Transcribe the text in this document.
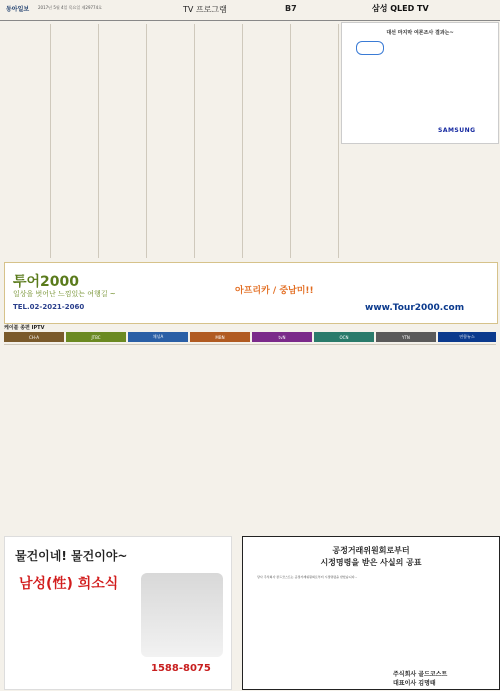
동아일보 2017년 5월 4일 목요일 제29774호	TV 프로그램	B7	삼성 QLED TV
대선 마지막 여론조사 결과는~
SAMSUNG
투어2000
일상을 벗어난 느낌있는 여행길 ~	아프리카 / 중남미!!
TEL.02-2021-2060	www.Tour2000.com
케이블 종편 IPTV
CH-A	JTBC	채널A	MBN	tvN	OCN	YTN	연합뉴스
물건이네! 물건이야~
남성(性) 희소식
1588-8075
공정거래위원회로부터
시정명령을 받은 사실의 공표
당사 주식회사 골드코스트는 공정거래위원회로부터 시정명령을 받았습니다...
주식회사 골드코스트
대표이사 김명태
